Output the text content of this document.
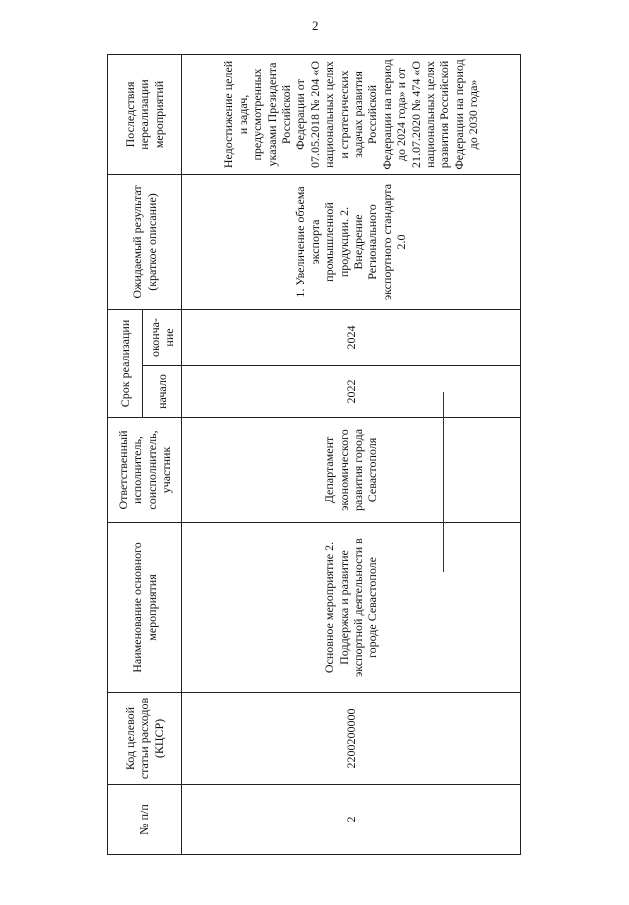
2
№ п/п	Код целевой статьи расходов (КЦСР)	Наименование основного мероприятия	Ответственный исполнитель, соисполнитель, участник	Срок реализации		Ожидаемый результат (краткое описание)	Последствия нереализации мероприятий
				начало	оконча-ние		
2	2200200000	Основное мероприятие 2. Поддержка и развитие экспортной деятельности в городе Севастополе	Департамент экономического развития города Севастополя	2022	2024	1. Увеличение объема экспорта промышленной продукции. 2. Внедрение Регионального экспортного стандарта 2.0	Недостижение целей и задач, предусмотренных указами Президента Российской Федерации от 07.05.2018 № 204 «О национальных целях и стратегических задачах развития Российской Федерации на период до 2024 года» и от 21.07.2020 № 474 «О национальных целях развития Российской Федерации на период до 2030 года»
